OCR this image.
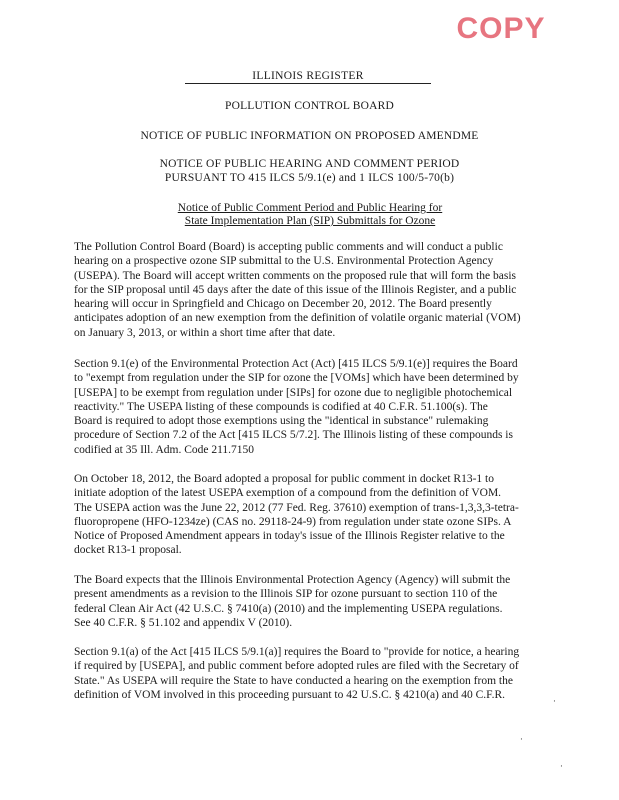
COPY
ILLINOIS REGISTER
POLLUTION CONTROL BOARD
NOTICE OF PUBLIC INFORMATION ON PROPOSED AMENDME
NOTICE OF PUBLIC HEARING AND COMMENT PERIOD
PURSUANT TO 415 ILCS 5/9.1(e) and 1 ILCS 100/5-70(b)
Notice of Public Comment Period and Public Hearing for
State Implementation Plan (SIP) Submittals for Ozone
The Pollution Control Board (Board) is accepting public comments and will conduct a public
hearing on a prospective ozone SIP submittal to the U.S. Environmental Protection Agency
(USEPA). The Board will accept written comments on the proposed rule that will form the basis
for the SIP proposal until 45 days after the date of this issue of the Illinois Register, and a public
hearing will occur in Springfield and Chicago on December 20, 2012. The Board presently
anticipates adoption of an new exemption from the definition of volatile organic material (VOM)
on January 3, 2013, or within a short time after that date.
Section 9.1(e) of the Environmental Protection Act (Act) [415 ILCS 5/9.1(e)] requires the Board
to "exempt from regulation under the SIP for ozone the [VOMs] which have been determined by
[USEPA] to be exempt from regulation under [SIPs] for ozone due to negligible photochemical
reactivity." The USEPA listing of these compounds is codified at 40 C.F.R. 51.100(s). The
Board is required to adopt those exemptions using the "identical in substance" rulemaking
procedure of Section 7.2 of the Act [415 ILCS 5/7.2]. The Illinois listing of these compounds is
codified at 35 Ill. Adm. Code 211.7150
On October 18, 2012, the Board adopted a proposal for public comment in docket R13-1 to
initiate adoption of the latest USEPA exemption of a compound from the definition of VOM.
The USEPA action was the June 22, 2012 (77 Fed. Reg. 37610) exemption of trans-1,3,3,3-tetra-
fluoropropene (HFO-1234ze) (CAS no. 29118-24-9) from regulation under state ozone SIPs. A
Notice of Proposed Amendment appears in today's issue of the Illinois Register relative to the
docket R13-1 proposal.
The Board expects that the Illinois Environmental Protection Agency (Agency) will submit the
present amendments as a revision to the Illinois SIP for ozone pursuant to section 110 of the
federal Clean Air Act (42 U.S.C. § 7410(a) (2010) and the implementing USEPA regulations.
See 40 C.F.R. § 51.102 and appendix V (2010).
Section 9.1(a) of the Act [415 ILCS 5/9.1(a)] requires the Board to "provide for notice, a hearing
if required by [USEPA], and public comment before adopted rules are filed with the Secretary of
State." As USEPA will require the State to have conducted a hearing on the exemption from the
definition of VOM involved in this proceeding pursuant to 42 U.S.C. § 4210(a) and 40 C.F.R.
·
·
·
